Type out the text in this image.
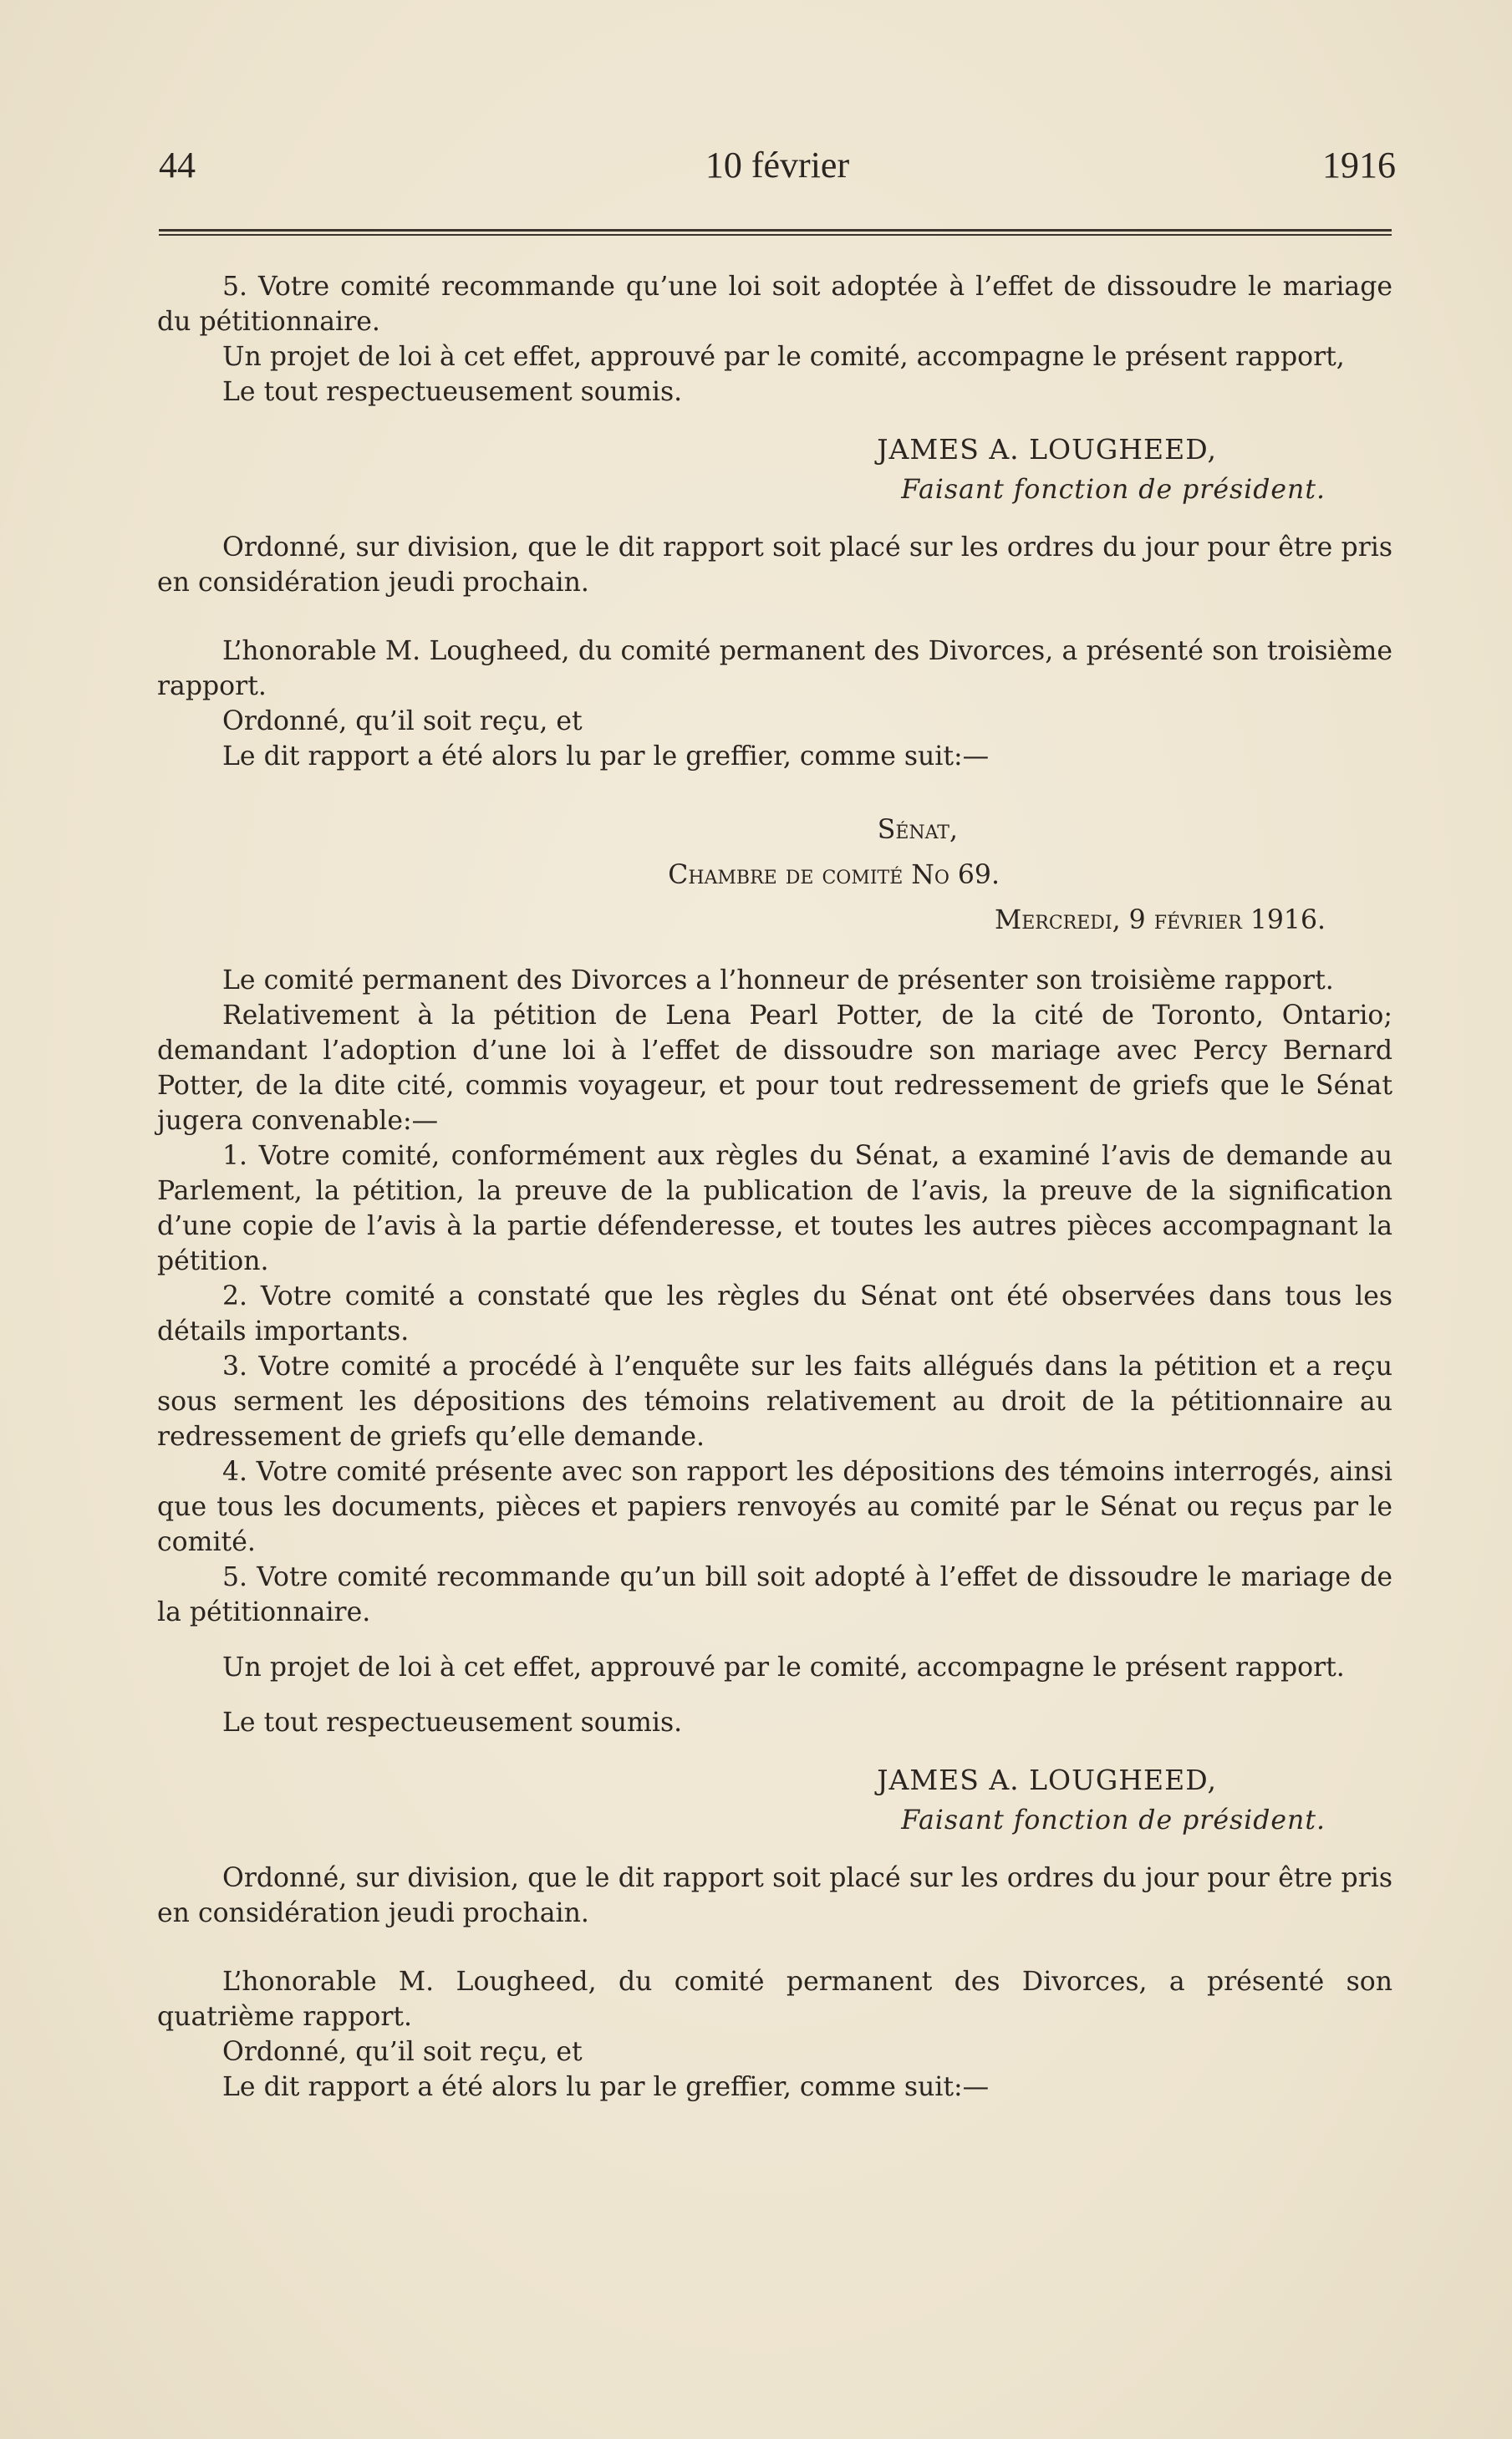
44	10 février	1916

5. Votre comité recommande qu’une loi soit adoptée à l’effet de dissoudre le mariage du pétitionnaire.

Un projet de loi à cet effet, approuvé par le comité, accompagne le présent rapport,

Le tout respectueusement soumis.

JAMES A. LOUGHEED,

Faisant fonction de président.

Ordonné, sur division, que le dit rapport soit placé sur les ordres du jour pour être pris en considération jeudi prochain.

L’honorable M. Lougheed, du comité permanent des Divorces, a présenté son troisième rapport.

Ordonné, qu’il soit reçu, et

Le dit rapport a été alors lu par le greffier, comme suit:—

Sénat,

Chambre de comité No 69.

Mercredi, 9 février 1916.

Le comité permanent des Divorces a l’honneur de présenter son troisième rapport.

Relativement à la pétition de Lena Pearl Potter, de la cité de Toronto, Ontario; demandant l’adoption d’une loi à l’effet de dissoudre son mariage avec Percy Bernard Potter, de la dite cité, commis voyageur, et pour tout redressement de griefs que le Sénat jugera convenable:—

1. Votre comité, conformément aux règles du Sénat, a examiné l’avis de demande au Parlement, la pétition, la preuve de la publication de l’avis, la preuve de la signification d’une copie de l’avis à la partie défenderesse, et toutes les autres pièces accompagnant la pétition.

2. Votre comité a constaté que les règles du Sénat ont été observées dans tous les détails importants.

3. Votre comité a procédé à l’enquête sur les faits allégués dans la pétition et a reçu sous serment les dépositions des témoins relativement au droit de la pétitionnaire au redressement de griefs qu’elle demande.

4. Votre comité présente avec son rapport les dépositions des témoins interrogés, ainsi que tous les documents, pièces et papiers renvoyés au comité par le Sénat ou reçus par le comité.

5. Votre comité recommande qu’un bill soit adopté à l’effet de dissoudre le mariage de la pétitionnaire.

Un projet de loi à cet effet, approuvé par le comité, accompagne le présent rapport.

Le tout respectueusement soumis.

JAMES A. LOUGHEED,

Faisant fonction de président.

Ordonné, sur division, que le dit rapport soit placé sur les ordres du jour pour être pris en considération jeudi prochain.

L’honorable M. Lougheed, du comité permanent des Divorces, a présenté son quatrième rapport.

Ordonné, qu’il soit reçu, et

Le dit rapport a été alors lu par le greffier, comme suit:—
